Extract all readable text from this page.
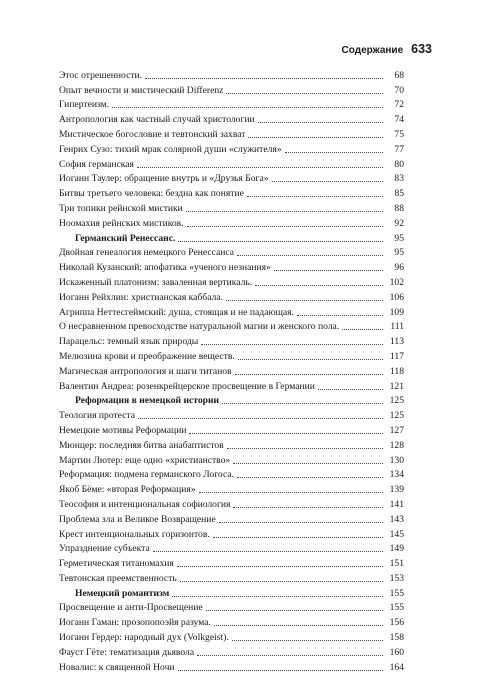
Содержание 633
Этос отрешенности.	68
Опыт вечности и мистический Differenz	70
Гипертеизм.	72
Антропология как частный случай христологии	74
Мистическое богословие и тевтонский захват	75
Генрих Сузо: тихий мрак солярной души «служителя»	77
София германская	80
Иоганн Таулер: обращение внутрь и «Друзья Бога»	83
Битвы третьего человека: бездна как понятие	85
Три топики рейнской мистики	88
Ноомахия рейнских мистиков.	92
Германский Ренессанс.	95
Двойная генеалогия немецкого Ренессанса	95
Николай Кузанский: апофатика «ученого незнания»	96
Искаженный платонизм: заваленная вертикаль.	102
Иоганн Рейхлин: христианская каббала.	106
Агриппа Неттесгеймский: душа, стоящая и не падающая.	109
О несравненном превосходстве натуральной магии и женского пола.	111
Парацельс: темный язык природы	113
Мелюзина крови и преображение веществ.	117
Магическая антропология и шаги титанов	118
Валентин Андреа: розенкрейцерское просвещение в Германии	121
Реформация в немецкой истории	125
Теология протеста	125
Немецкие мотивы Реформации	127
Мюнцер: последняя битва анабаптистов	128
Мартин Лютер: еще одно «христианство»	130
Реформация: подмена германского Логоса.	134
Якоб Бёме: «вторая Реформация»	139
Теософия и интенциональная софиология	141
Проблема зла и Великое Возвращение	143
Крест интенциональных горизонтов.	145
Упразднение субъекта	149
Герметическая титаномахия	151
Тевтонская преемственность	153
Немецкий романтизм	155
Просвещение и анти-Просвещение	155
Иоганн Гаман: прозопопоэйя разума.	156
Иоганн Гердер: народный дух (Volkgeist).	158
Фауст Гёте: тематизация дьявола	160
Новалис: к священной Ночи	164
